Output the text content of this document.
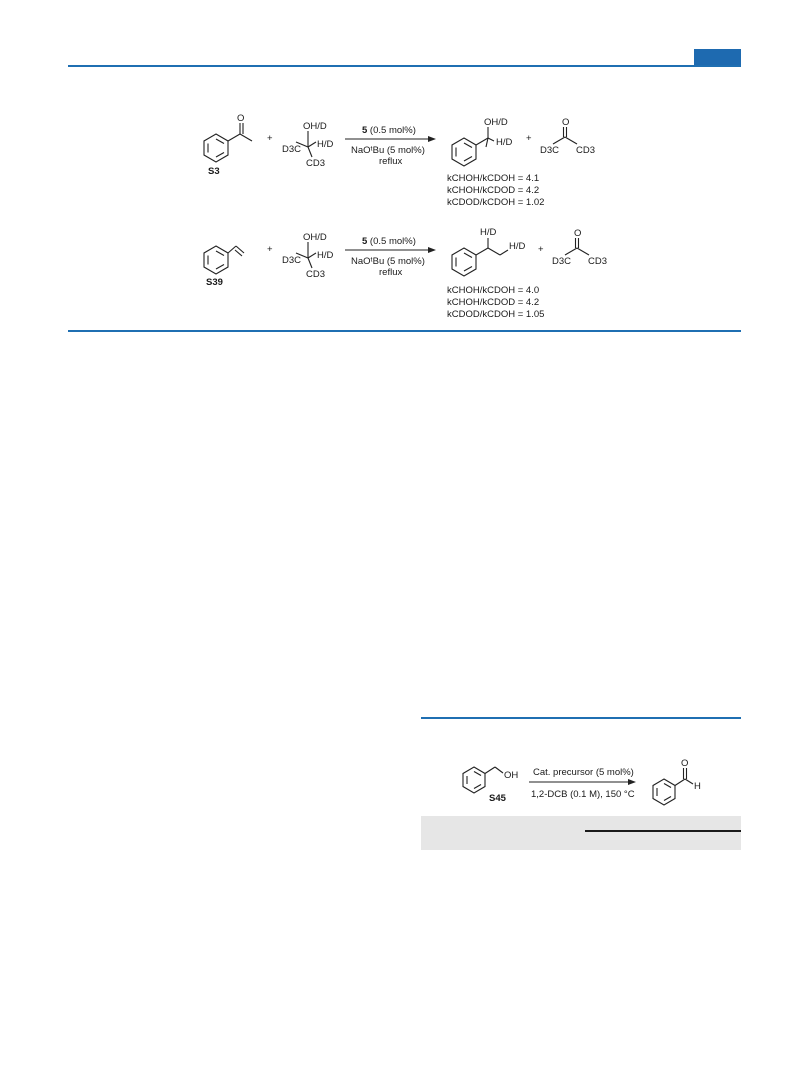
O
S3
+
OH/D
H/D
D3C
CD3
5 (0.5 mol%)
NaOᵗBu (5 mol%)
reflux
OH/D
H/D +
O
D3C CD3
kCHOH/kCDOH = 4.1
kCHOH/kCDOD = 4.2
kCDOD/kCDOH = 1.02
S39
+
OH/D
H/D
D3C
CD3
5 (0.5 mol%)
NaOᵗBu (5 mol%)
reflux
H/D
H/D +
O
D3C CD3
kCHOH/kCDOH = 4.0
kCHOH/kCDOD = 4.2
kCDOD/kCDOH = 1.05
OH
S45
Cat. precursor (5 mol%)
1,2-DCB (0.1 M), 150 °C
O
H
